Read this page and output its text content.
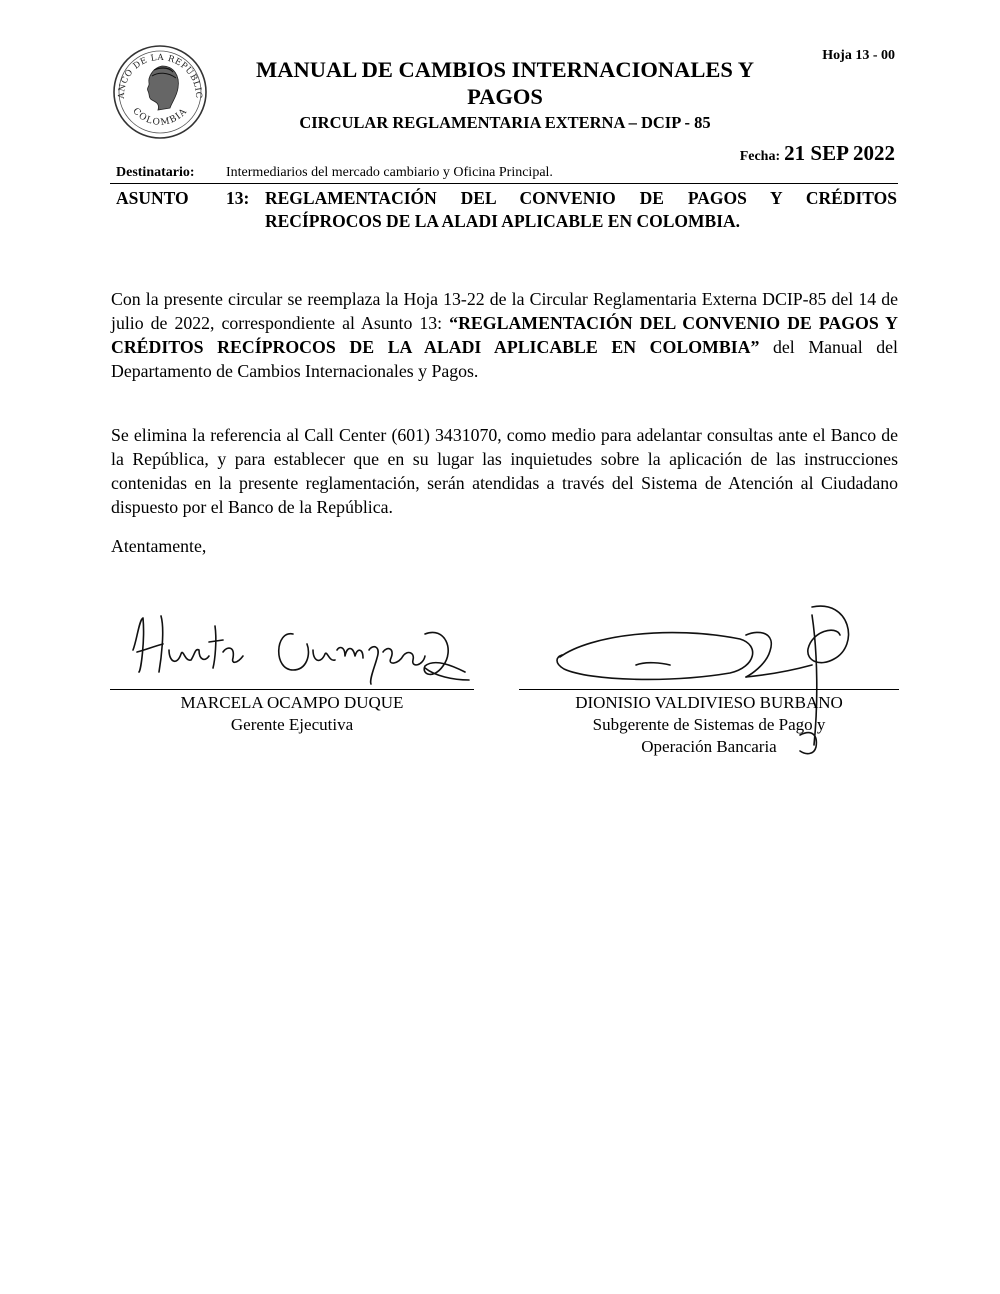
ANCO DE LA REPÚBLIC
COLOMBIA
MANUAL DE CAMBIOS INTERNACIONALES Y PAGOS
CIRCULAR REGLAMENTARIA EXTERNA – DCIP - 85
Hoja 13 - 00
Fecha: 21 SEP 2022
Destinatario: Intermediarios del mercado cambiario y Oficina Principal.
ASUNTO 13: REGLAMENTACIÓN DEL CONVENIO DE PAGOS Y CRÉDITOS
RECÍPROCOS DE LA ALADI APLICABLE EN COLOMBIA.
Con la presente circular se reemplaza la Hoja 13-22 de la Circular Reglamentaria Externa DCIP-85 del 14 de julio de 2022, correspondiente al Asunto 13: “REGLAMENTACIÓN DEL CONVENIO DE PAGOS Y CRÉDITOS RECÍPROCOS DE LA ALADI APLICABLE EN COLOMBIA” del Manual del Departamento de Cambios Internacionales y Pagos.
Se elimina la referencia al Call Center (601) 3431070, como medio para adelantar consultas ante el Banco de la República, y para establecer que en su lugar las inquietudes sobre la aplicación de las instrucciones contenidas en la presente reglamentación, serán atendidas a través del Sistema de Atención al Ciudadano dispuesto por el Banco de la República.
Atentamente,
MARCELA OCAMPO DUQUE
Gerente Ejecutiva
DIONISIO VALDIVIESO BURBANO
Subgerente de Sistemas de Pago y
Operación Bancaria
